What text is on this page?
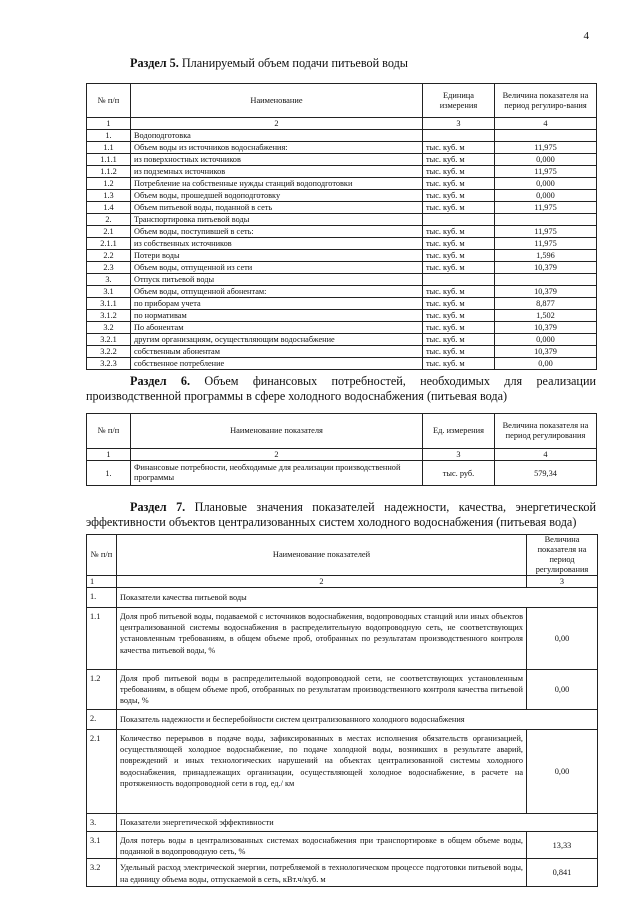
4
Раздел 5. Планируемый объем подачи питьевой воды
№ п/п	Наименование	Единица измерения	Величина показателя на период регулиро-вания
1	2	3	4
1.	Водоподготовка		
1.1	Объем воды из источников водоснабжения:	тыс. куб. м	11,975
1.1.1	из поверхностных источников	тыс. куб. м	0,000
1.1.2	из подземных источников	тыс. куб. м	11,975
1.2	Потребление на собственные нужды станций водоподготовки	тыс. куб. м	0,000
1.3	Объем воды, прошедшей водоподготовку	тыс. куб. м	0,000
1.4	Объем питьевой воды, поданной в сеть	тыс. куб. м	11,975
2.	Транспортировка питьевой воды		
2.1	Объем воды, поступившей в сеть:	тыс. куб. м	11,975
2.1.1	из собственных источников	тыс. куб. м	11,975
2.2	Потери воды	тыс. куб. м	1,596
2.3	Объем воды, отпущенной из сети	тыс. куб. м	10,379
3.	Отпуск питьевой воды		
3.1	Объем воды, отпущенной абонентам:	тыс. куб. м	10,379
3.1.1	по приборам учета	тыс. куб. м	8,877
3.1.2	по нормативам	тыс. куб. м	1,502
3.2	По абонентам	тыс. куб. м	10,379
3.2.1	другим организациям, осуществляющим водоснабжение	тыс. куб. м	0,000
3.2.2	собственным абонентам	тыс. куб. м	10,379
3.2.3	собственное потребление	тыс. куб. м	0,00
Раздел 6. Объем финансовых потребностей, необходимых для реализации производственной программы в сфере холодного водоснабжения (питьевая вода)
№ п/п	Наименование показателя	Ед. измерения	Величина показателя на период регулирования
1	2	3	4
1.	Финансовые потребности, необходимые для реализации производственной программы	тыс. руб.	579,34
Раздел 7. Плановые значения показателей надежности, качества, энергетической эффективности объектов централизованных систем холодного водоснабжения (питьевая вода)
№ п/п	Наименование показателей	Величина показателя на период регулирования
1	2	3
1.	Показатели качества питьевой воды	
1.1	Доля проб питьевой воды, подаваемой с источников водоснабжения, водопроводных станций или иных объектов централизованной системы водоснабжения в распределительную водопроводную сеть, не соответствующих установленным требованиям, в общем объеме проб, отобранных по результатам производственного контроля качества питьевой воды, %	0,00
1.2	Доля проб питьевой воды в распределительной водопроводной сети, не соответствующих установленным требованиям, в общем объеме проб, отобранных по результатам производственного контроля качества питьевой воды, %	0,00
2.	Показатель надежности и бесперебойности систем централизованного холодного водоснабжения	
2.1	Количество перерывов в подаче воды, зафиксированных в местах исполнения обязательств организацией, осуществляющей холодное водоснабжение, по подаче холодной воды, возникших в результате аварий, повреждений и иных технологических нарушений на объектах централизованной системы холодного водоснабжения, принадлежащих организации, осуществляющей холодное водоснабжение, в расчете на протяженность водопроводной сети в год, ед./ км	0,00
3.	Показатели энергетической эффективности	
3.1	Доля потерь воды в централизованных системах водоснабжения при транспортировке в общем объеме воды, поданной в водопроводную сеть, %	13,33
3.2	Удельный расход электрической энергии, потребляемой в технологическом процессе подготовки питьевой воды, на единицу объема воды, отпускаемой в сеть, кВт.ч/куб. м	0,841
